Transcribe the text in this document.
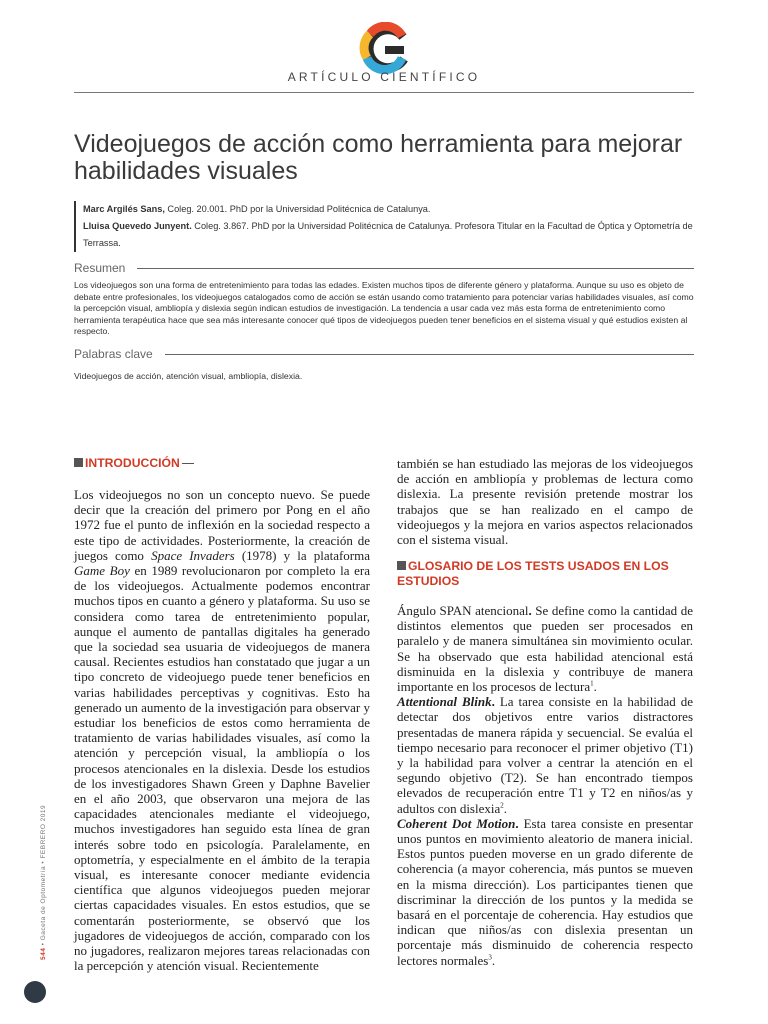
ARTÍCULO CIENTÍFICO
Videojuegos de acción como herramienta para mejorar habilidades visuales

Marc Argilés Sans, Coleg. 20.001. PhD por la Universidad Politécnica de Catalunya.

Lluisa Quevedo Junyent. Coleg. 3.867. PhD por la Universidad Politécnica de Catalunya. Profesora Titular en la Facultad de Óptica y Optometría de Terrassa.

Resumen

Los videojuegos son una forma de entretenimiento para todas las edades. Existen muchos tipos de diferente género y plataforma. Aunque su uso es objeto de debate entre profesionales, los videojuegos catalogados como de acción se están usando como tratamiento para potenciar varias habilidades visuales, así como la percepción visual, ambliopía y dislexia según indican estudios de investigación. La tendencia a usar cada vez más esta forma de entretenimiento como herramienta terapéutica hace que sea más interesante conocer qué tipos de videojuegos pueden tener beneficios en el sistema visual y qué estudios existen al respecto.

Palabras clave

Videojuegos de acción, atención visual, ambliopía, dislexia.

INTRODUCCIÓN

Los videojuegos no son un concepto nuevo. Se puede decir que la creación del primero por Pong en el año 1972 fue el punto de inflexión en la sociedad respecto a este tipo de actividades. Posteriormente, la creación de juegos como Space Invaders (1978) y la plataforma Game Boy en 1989 revolucionaron por completo la era de los videojuegos. Actualmente podemos encontrar muchos tipos en cuanto a género y plataforma. Su uso se considera como tarea de entretenimiento popular, aunque el aumento de pantallas digitales ha generado que la sociedad sea usuaria de videojuegos de manera causal. Recientes estudios han constatado que jugar a un tipo concreto de videojuego puede tener beneficios en varias habilidades perceptivas y cognitivas. Esto ha generado un aumento de la investigación para observar y estudiar los beneficios de estos como herramienta de tratamiento de varias habilidades visuales, así como la atención y percepción visual, la ambliopía o los procesos atencionales en la dislexia. Desde los estudios de los investigadores Shawn Green y Daphne Bavelier en el año 2003, que observaron una mejora de las capacidades atencionales mediante el videojuego, muchos investigadores han seguido esta línea de gran interés sobre todo en psicología. Paralelamente, en optometría, y especialmente en el ámbito de la terapia visual, es interesante conocer mediante evidencia científica que algunos videojuegos pueden mejorar ciertas capacidades visuales. En estos estudios, que se comentarán posteriormente, se observó que los jugadores de videojuegos de acción, comparado con los no jugadores, realizaron mejores tareas relacionadas con la percepción y atención visual. Recientemente

también se han estudiado las mejoras de los videojuegos de acción en ambliopía y problemas de lectura como dislexia. La presente revisión pretende mostrar los trabajos que se han realizado en el campo de videojuegos y la mejora en varios aspectos relacionados con el sistema visual.

GLOSARIO DE LOS TESTS USADOS EN LOS ESTUDIOS

Ángulo SPAN atencional. Se define como la cantidad de distintos elementos que pueden ser procesados en paralelo y de manera simultánea sin movimiento ocular. Se ha observado que esta habilidad atencional está disminuida en la dislexia y contribuye de manera importante en los procesos de lectura$^1$.

Attentional Blink. La tarea consiste en la habilidad de detectar dos objetivos entre varios distractores presentadas de manera rápida y secuencial. Se evalúa el tiempo necesario para reconocer el primer objetivo (T1) y la habilidad para volver a centrar la atención en el segundo objetivo (T2). Se han encontrado tiempos elevados de recuperación entre T1 y T2 en niños/as y adultos con dislexia$^2$.

Coherent Dot Motion. Esta tarea consiste en presentar unos puntos en movimiento aleatorio de manera inicial. Estos puntos pueden moverse en un grado diferente de coherencia (a mayor coherencia, más puntos se mueven en la misma dirección). Los participantes tienen que discriminar la dirección de los puntos y la medida se basará en el porcentaje de coherencia. Hay estudios que indican que niños/as con dislexia presentan un porcentaje más disminuido de coherencia respecto lectores normales$^3$.

544 • Gaceta de Optometría • FEBRERO 2019
